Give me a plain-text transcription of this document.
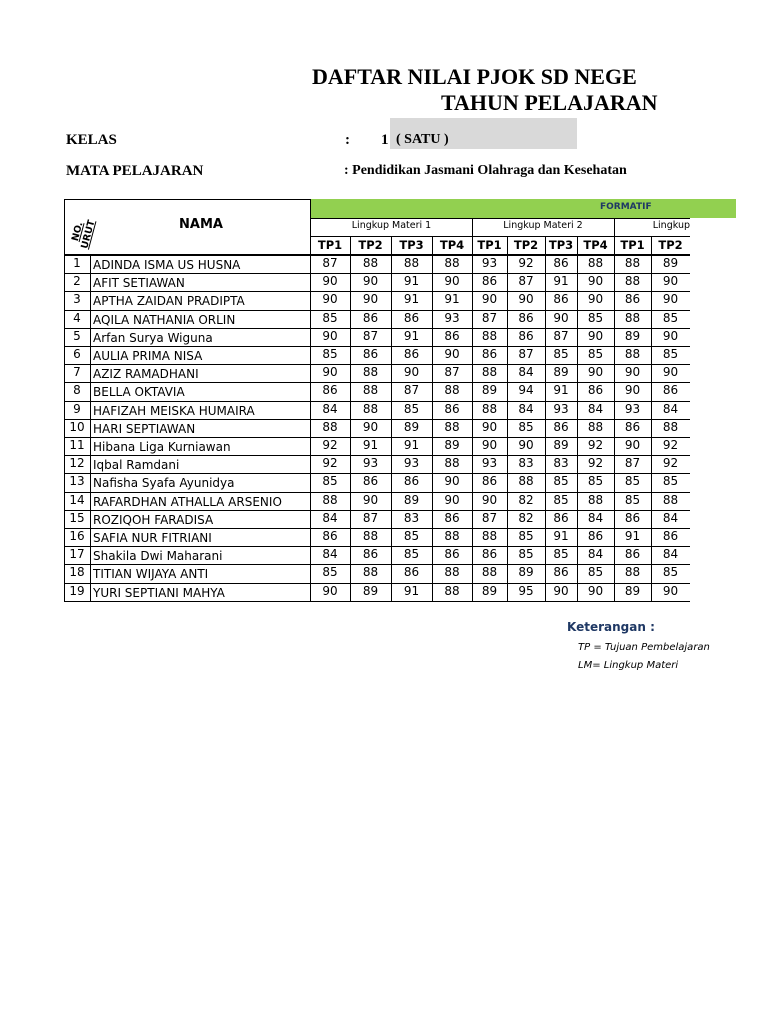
DAFTAR NILAI PJOK SD NEGE
TAHUN PELAJARAN
KELAS	: 1 ( SATU )
MATA PELAJARAN	: Pendidikan Jasmani Olahraga dan Kesehatan
FORMATIF
TP1	TP2	TP3	TP4	TP1	TP2 TP3 TP4	TP1	TP2
1	ADINDA ISMA US HUSNA	87	88	88	88	93	92	86	88	88	89
2	AFIT SETIAWAN	90	90	91	90	86	87	91	90	88	90
3	APTHA ZAIDAN PRADIPTA	90	90	91	91	90	90	86	90	86	90
4	AQILA NATHANIA ORLIN	85	86	86	93	87	86	90	85	88	85
5	Arfan Surya Wiguna	90	87	91	86	88	86	87	90	89	90
6	AULIA PRIMA NISA	85	86	86	90	86	87	85	85	88	85
7	AZIZ RAMADHANI	90	88	90	87	88	84	89	90	90	90
8	BELLA OKTAVIA	86	88	87	88	89	94	91	86	90	86
9	HAFIZAH MEISKA HUMAIRA	84	88	85	86	88	84	93	84	93	84
10 HARI SEPTIAWAN	88	90	89	88	90	85	86	88	86	88
11 Hibana Liga Kurniawan	92	91	91	89	90	90	89	92	90	92
12 Iqbal Ramdani	92	93	93	88	93	83	83	92	87	92
13 Nafisha Syafa Ayunidya	85	86	86	90	86	88	85	85	85	85
14 RAFARDHAN ATHALLA ARSENIO	88	90	89	90	90	82	85	88	85	88
15 ROZIQOH FARADISA	84	87	83	86	87	82	86	84	86	84
16 SAFIA NUR FITRIANI	86	88	85	88	88	85	91	86	91	86
17 Shakila Dwi Maharani	84	86	85	86	86	85	85	84	86	84
18 TITIAN WIJAYA ANTI	85	88	86	88	88	89	86	85	88	85
19 YURI SEPTIANI MAHYA	90	89	91	88	89	95	90	90	89	90
NO. URUT	NAMA	Lingkup Materi 1	Lingkup Materi 2	Lingkup
Keterangan :
TP = Tujuan Pembelajaran
LM= Lingkup Materi
